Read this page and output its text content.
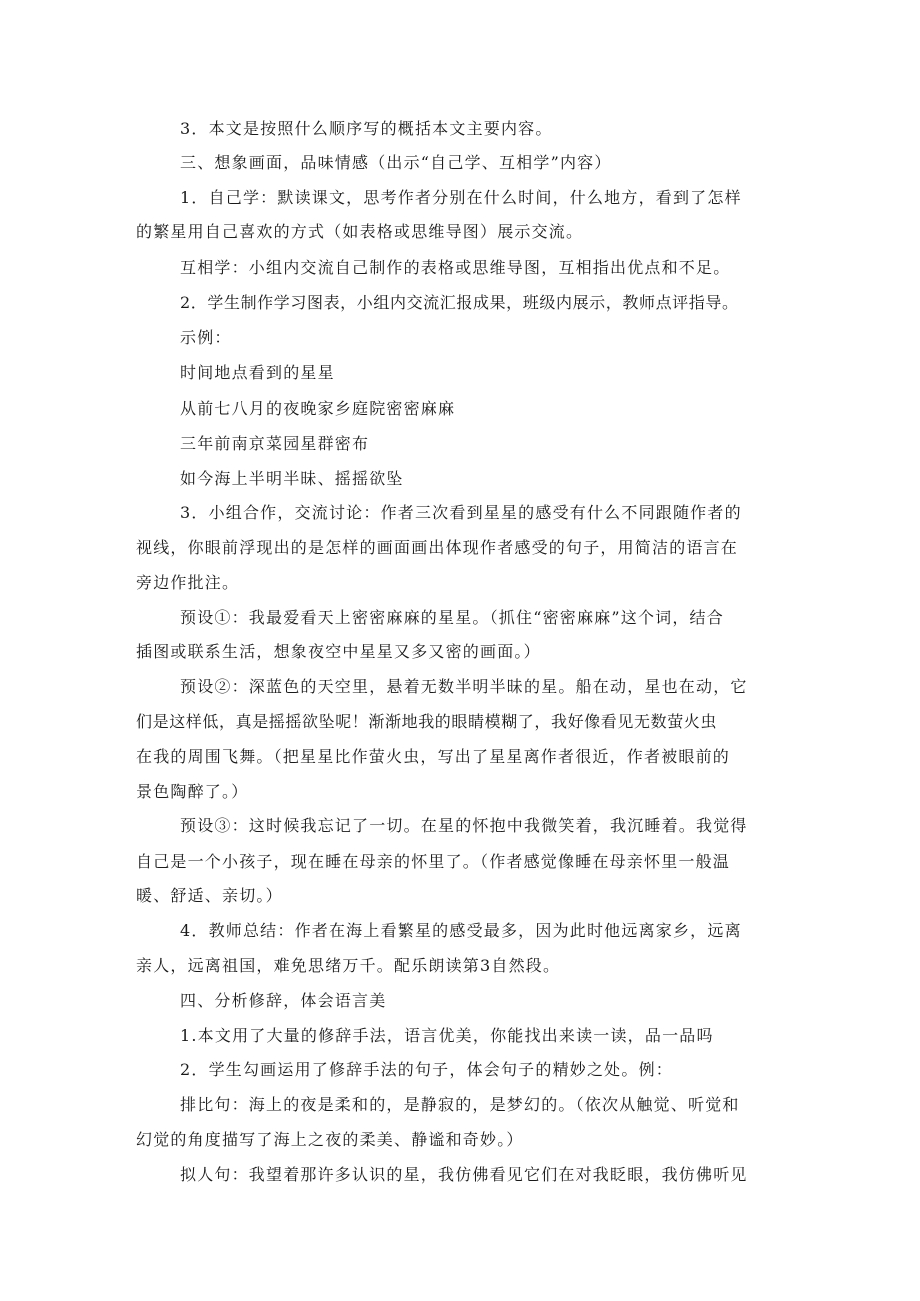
3．本文是按照什么顺序写的概括本文主要内容。
三、想象画面，品味情感（出示“自己学、互相学”内容）
1．自己学：默读课文，思考作者分别在什么时间，什么地方，看到了怎样
的繁星用自己喜欢的方式（如表格或思维导图）展示交流。
互相学：小组内交流自己制作的表格或思维导图，互相指出优点和不足。
2．学生制作学习图表，小组内交流汇报成果，班级内展示，教师点评指导。
示例：
时间地点看到的星星
从前七八月的夜晚家乡庭院密密麻麻
三年前南京菜园星群密布
如今海上半明半昧、摇摇欲坠
3．小组合作，交流讨论：作者三次看到星星的感受有什么不同跟随作者的
视线，你眼前浮现出的是怎样的画面画出体现作者感受的句子，用简洁的语言在
旁边作批注。
预设①：我最爱看天上密密麻麻的星星。（抓住“密密麻麻”这个词，结合
插图或联系生活，想象夜空中星星又多又密的画面。）
预设②：深蓝色的天空里，悬着无数半明半昧的星。船在动，星也在动，它
们是这样低，真是摇摇欲坠呢！渐渐地我的眼睛模糊了，我好像看见无数萤火虫
在我的周围飞舞。（把星星比作萤火虫，写出了星星离作者很近，作者被眼前的
景色陶醉了。）
预设③：这时候我忘记了一切。在星的怀抱中我微笑着，我沉睡着。我觉得
自己是一个小孩子，现在睡在母亲的怀里了。（作者感觉像睡在母亲怀里一般温
暖、舒适、亲切。）
4．教师总结：作者在海上看繁星的感受最多，因为此时他远离家乡，远离
亲人，远离祖国，难免思绪万千。配乐朗读第3自然段。
四、分析修辞，体会语言美
1.本文用了大量的修辞手法，语言优美，你能找出来读一读，品一品吗
2．学生勾画运用了修辞手法的句子，体会句子的精妙之处。例：
排比句：海上的夜是柔和的，是静寂的，是梦幻的。（依次从触觉、听觉和
幻觉的角度描写了海上之夜的柔美、静谧和奇妙。）
拟人句：我望着那许多认识的星，我仿佛看见它们在对我眨眼，我仿佛听见
